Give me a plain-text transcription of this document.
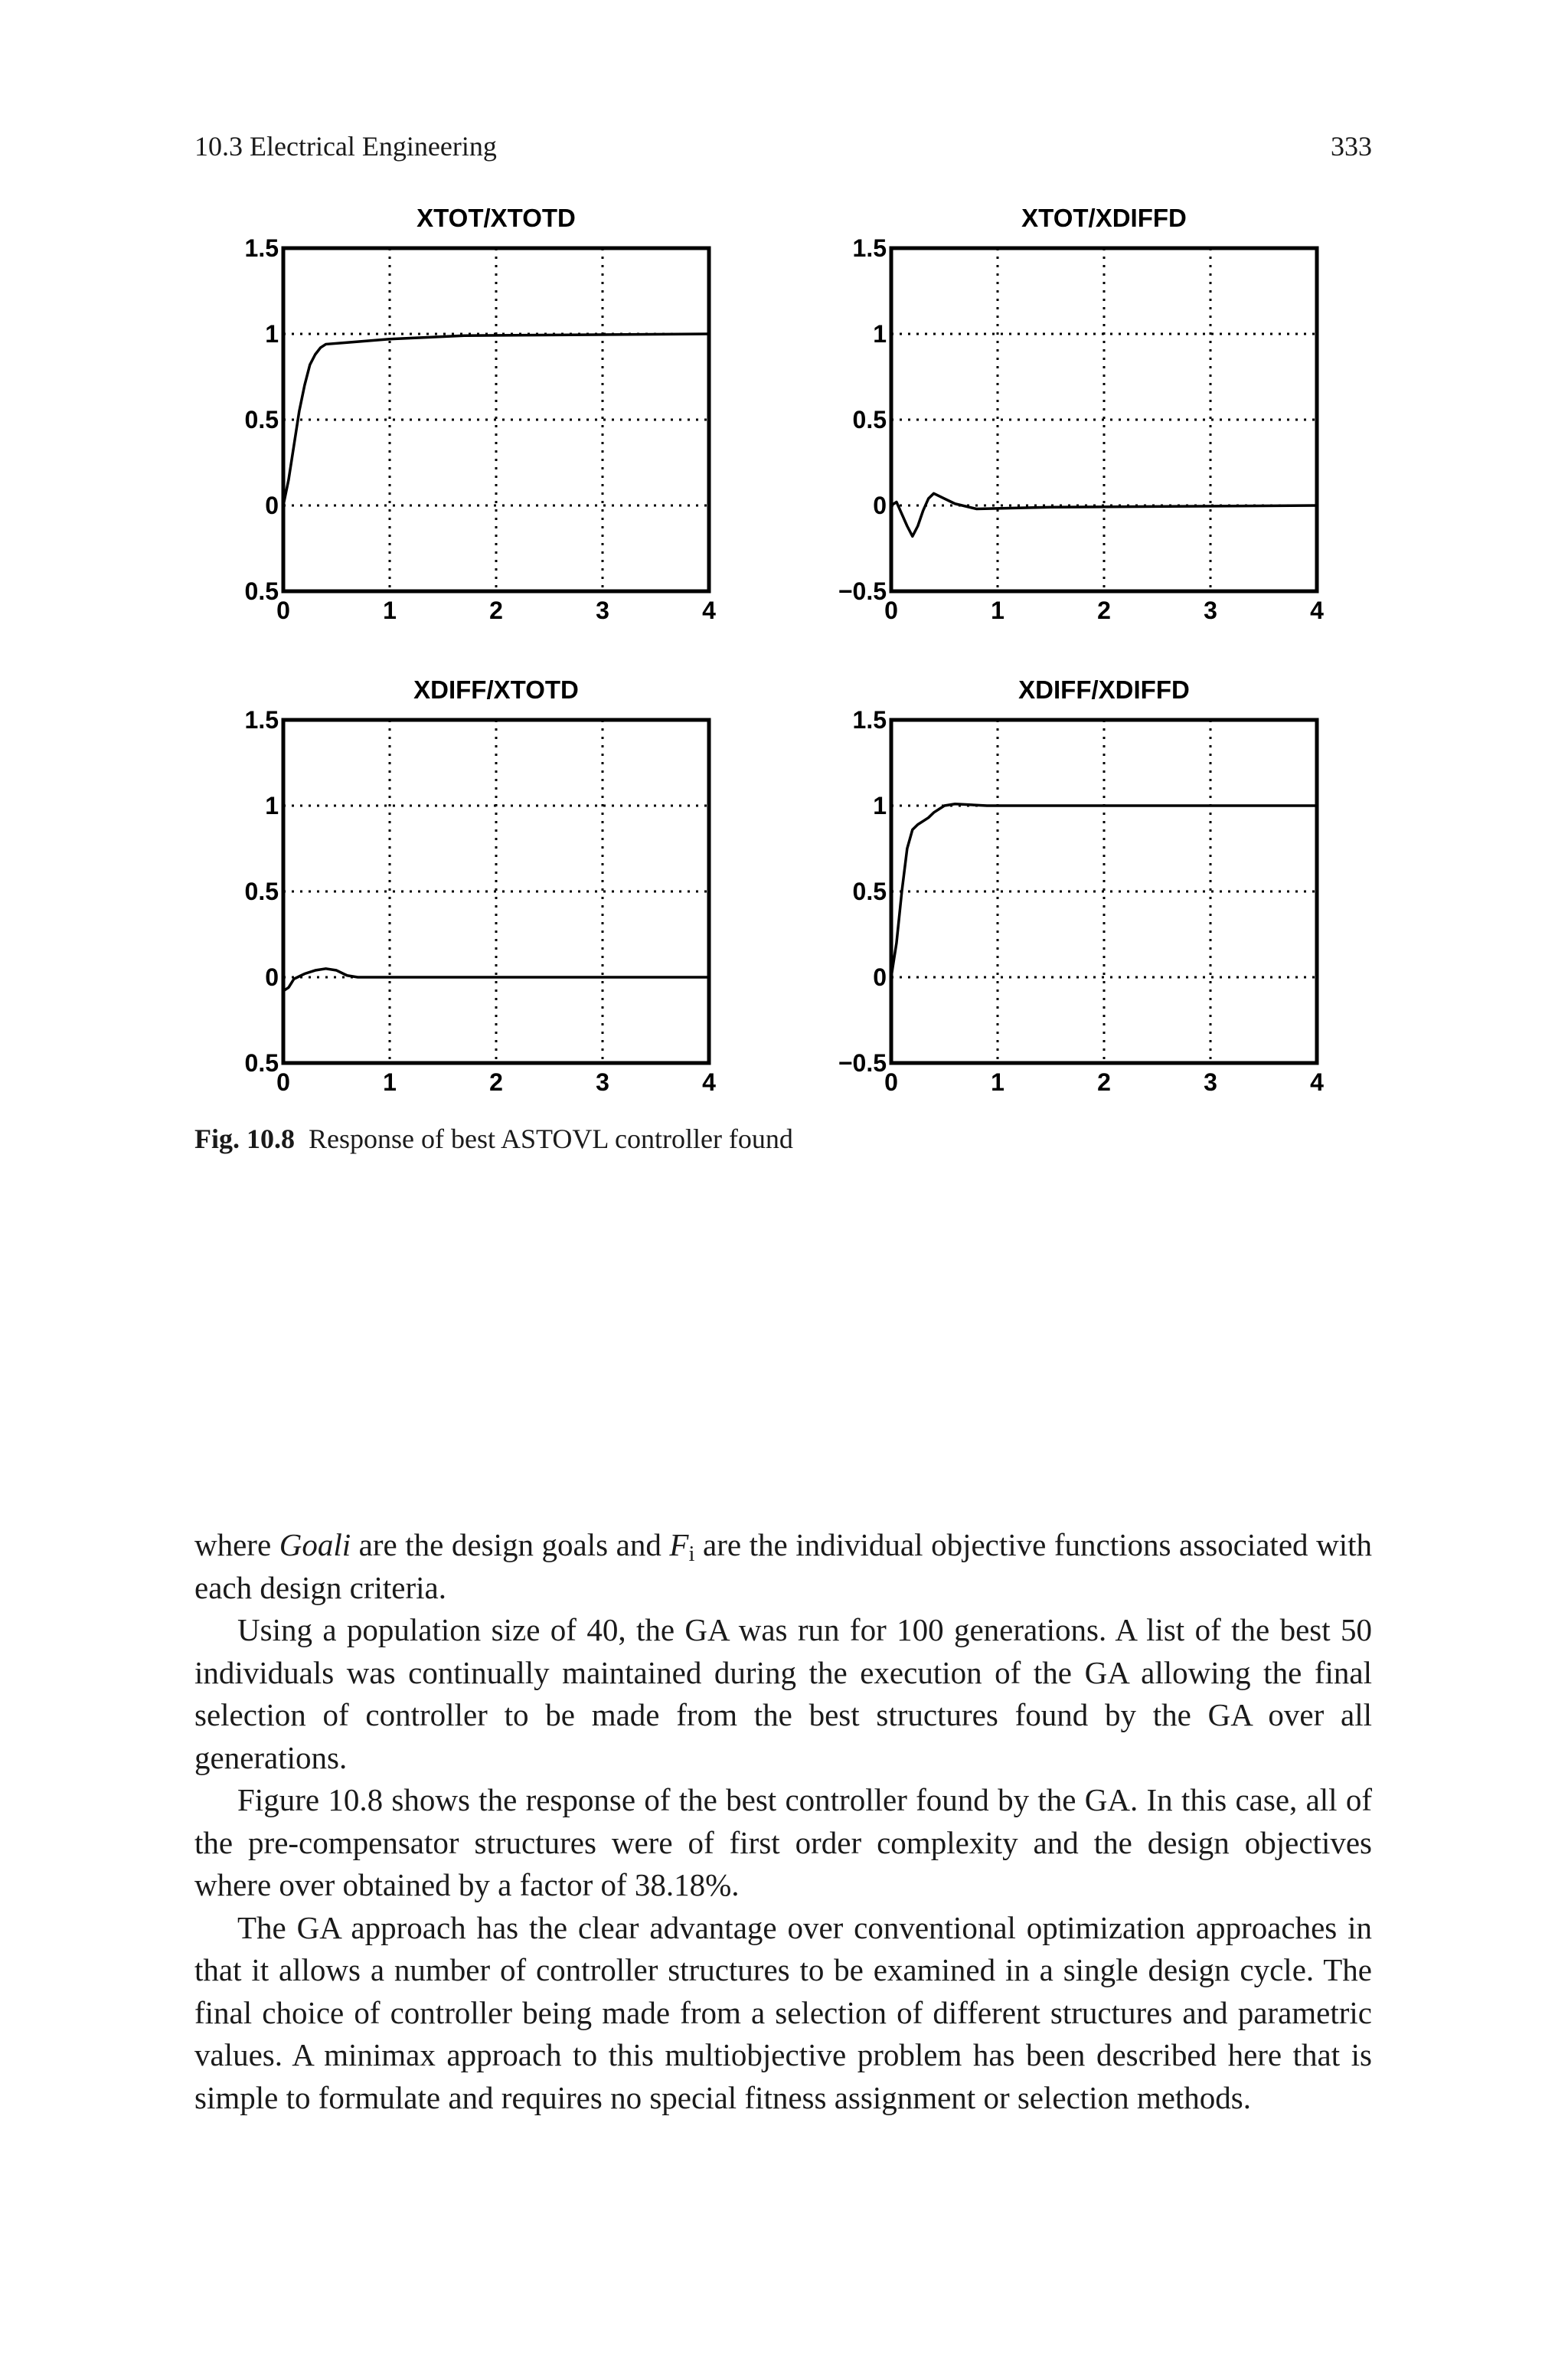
10.3 Electrical Engineering	333
0	1	2	3	4
1.5
1
0.5
0
0.5
XTOT/XTOTD
0	1	2	3	4
1.5
1
0.5
0
−0.5
XTOT/XDIFFD
0	1	2	3	4
1.5
1
0.5
0
0.5
XDIFF/XTOTD
0	1	2	3	4
1.5
1
0.5
0
−0.5
XDIFF/XDIFFD
Fig. 10.8 Response of best ASTOVL controller found

where Goali are the design goals and $F_i$ are the individual objective functions associated with each design criteria.

Using a population size of 40, the GA was run for 100 generations. A list of the best 50 individuals was continually maintained during the execution of the GA allowing the final selection of controller to be made from the best structures found by the GA over all generations.

Figure 10.8 shows the response of the best controller found by the GA. In this case, all of the pre-compensator structures were of first order complexity and the design objectives where over obtained by a factor of 38.18%.

The GA approach has the clear advantage over conventional optimization approaches in that it allows a number of controller structures to be examined in a single design cycle. The final choice of controller being made from a selection of different structures and parametric values. A minimax approach to this multiobjective problem has been described here that is simple to formulate and requires no special fitness assignment or selection methods.
